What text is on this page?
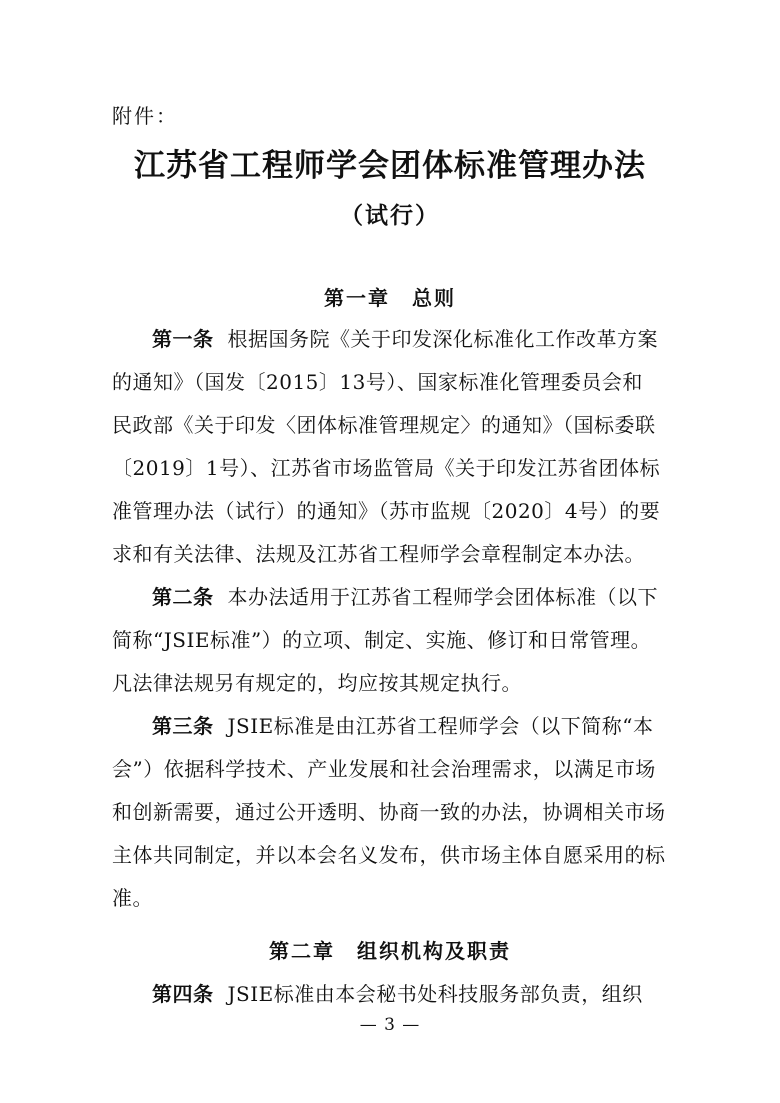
附件：
江苏省工程师学会团体标准管理办法
（试行）
第一章　总则
第一条 根据国务院《关于印发深化标准化工作改革方案
的通知》（国发〔2015〕13号）、国家标准化管理委员会和
民政部《关于印发〈团体标准管理规定〉的通知》（国标委联
〔2019〕1号）、江苏省市场监管局《关于印发江苏省团体标
准管理办法（试行）的通知》（苏市监规〔2020〕4号）的要
求和有关法律、法规及江苏省工程师学会章程制定本办法。
第二条 本办法适用于江苏省工程师学会团体标准（以下
简称“JSIE标准”）的立项、制定、实施、修订和日常管理。
凡法律法规另有规定的，均应按其规定执行。
第三条 JSIE标准是由江苏省工程师学会（以下简称“本
会”）依据科学技术、产业发展和社会治理需求，以满足市场
和创新需要，通过公开透明、协商一致的办法，协调相关市场
主体共同制定，并以本会名义发布，供市场主体自愿采用的标
准。
第二章　组织机构及职责
第四条 JSIE标准由本会秘书处科技服务部负责，组织
— 3 —
